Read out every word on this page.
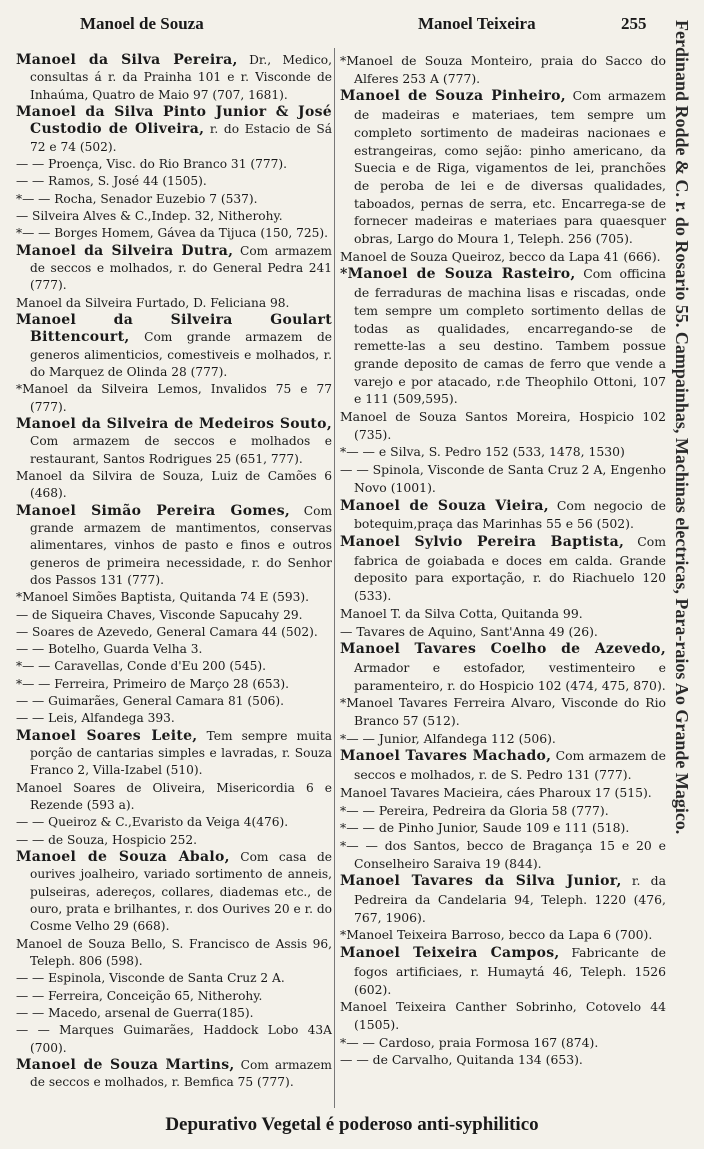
Manoel de Souza	Manoel Teixeira	255

Manoel da Silva Pereira, Dr., Medico, consultas á r. da Prainha 101 e r. Visconde de Inhaúma, Quatro de Maio 97 (707, 1681).

Manoel da Silva Pinto Junior & José Custodio de Oliveira, r. do Estacio de Sá 72 e 74 (502).

— — Proença, Visc. do Rio Branco 31 (777).

— — Ramos, S. José 44 (1505).

*— — Rocha, Senador Euzebio 7 (537).

— Silveira Alves & C.,Indep. 32, Nitherohy.

*— — Borges Homem, Gávea da Tijuca (150, 725).

Manoel da Silveira Dutra, Com armazem de seccos e molhados, r. do General Pedra 241 (777).

Manoel da Silveira Furtado, D. Feliciana 98.

Manoel da Silveira Goulart Bittencourt, Com grande armazem de generos alimenticios, comestiveis e molhados, r. do Marquez de Olinda 28 (777).

*Manoel da Silveira Lemos, Invalidos 75 e 77 (777).

Manoel da Silveira de Medeiros Souto, Com armazem de seccos e molhados e restaurant, Santos Rodrigues 25 (651, 777).

Manoel da Silvira de Souza, Luiz de Camões 6 (468).

Manoel Simão Pereira Gomes, Com grande armazem de mantimentos, conservas alimentares, vinhos de pasto e finos e outros generos de primeira necessidade, r. do Senhor dos Passos 131 (777).

*Manoel Simões Baptista, Quitanda 74 E (593).

— de Siqueira Chaves, Visconde Sapucahy 29.

— Soares de Azevedo, General Camara 44 (502).

— — Botelho, Guarda Velha 3.

*— — Caravellas, Conde d'Eu 200 (545).

*— — Ferreira, Primeiro de Março 28 (653).

— — Guimarães, General Camara 81 (506).

— — Leis, Alfandega 393.

Manoel Soares Leite, Tem sempre muita porção de cantarias simples e lavradas, r. Souza Franco 2, Villa-Izabel (510).

Manoel Soares de Oliveira, Misericordia 6 e Rezende (593 a).

— — Queiroz & C.,Evaristo da Veiga 4(476).

— — de Souza, Hospicio 252.

Manoel de Souza Abalo, Com casa de ourives joalheiro, variado sortimento de anneis, pulseiras, adereços, collares, diademas etc., de ouro, prata e brilhantes, r. dos Ourives 20 e r. do Cosme Velho 29 (668).

Manoel de Souza Bello, S. Francisco de Assis 96, Teleph. 806 (598).

— — Espinola, Visconde de Santa Cruz 2 A.

— — Ferreira, Conceição 65, Nitherohy.

— — Macedo, arsenal de Guerra(185).

— — Marques Guimarães, Haddock Lobo 43A (700).

Manoel de Souza Martins, Com armazem de seccos e molhados, r. Bemfica 75 (777).

*Manoel de Souza Monteiro, praia do Sacco do Alferes 253 A (777).

Manoel de Souza Pinheiro, Com armazem de madeiras e materiaes, tem sempre um completo sortimento de madeiras nacionaes e estrangeiras, como sejão: pinho americano, da Suecia e de Riga, vigamentos de lei, pranchões de peroba de lei e de diversas qualidades, taboados, pernas de serra, etc. Encarrega-se de fornecer madeiras e materiaes para quaesquer obras, Largo do Moura 1, Teleph. 256 (705).

Manoel de Souza Queiroz, becco da Lapa 41 (666).

*Manoel de Souza Rasteiro, Com officina de ferraduras de machina lisas e riscadas, onde tem sempre um completo sortimento dellas de todas as qualidades, encarregando-se de remette-las a seu destino. Tambem possue grande deposito de camas de ferro que vende a varejo e por atacado, r.de Theophilo Ottoni, 107 e 111 (509,595).

Manoel de Souza Santos Moreira, Hospicio 102 (735).

*— — e Silva, S. Pedro 152 (533, 1478, 1530)

— — Spinola, Visconde de Santa Cruz 2 A, Engenho Novo (1001).

Manoel de Souza Vieira, Com negocio de botequim,praça das Marinhas 55 e 56 (502).

Manoel Sylvio Pereira Baptista, Com fabrica de goiabada e doces em calda. Grande deposito para exportação, r. do Riachuelo 120 (533).

Manoel T. da Silva Cotta, Quitanda 99.

— Tavares de Aquino, Sant'Anna 49 (26).

Manoel Tavares Coelho de Azevedo, Armador e estofador, vestimenteiro e paramenteiro, r. do Hospicio 102 (474, 475, 870).

*Manoel Tavares Ferreira Alvaro, Visconde do Rio Branco 57 (512).

*— — Junior, Alfandega 112 (506).

Manoel Tavares Machado, Com armazem de seccos e molhados, r. de S. Pedro 131 (777).

Manoel Tavares Macieira, cáes Pharoux 17 (515).

*— — Pereira, Pedreira da Gloria 58 (777).

*— — de Pinho Junior, Saude 109 e 111 (518).

*— — dos Santos, becco de Bragança 15 e 20 e Conselheiro Saraiva 19 (844).

Manoel Tavares da Silva Junior, r. da Pedreira da Candelaria 94, Teleph. 1220 (476, 767, 1906).

*Manoel Teixeira Barroso, becco da Lapa 6 (700).

Manoel Teixeira Campos, Fabricante de fogos artificiaes, r. Humaytá 46, Teleph. 1526 (602).

Manoel Teixeira Canther Sobrinho, Cotovelo 44 (1505).

*— — Cardoso, praia Formosa 167 (874).

— — de Carvalho, Quitanda 134 (653).

Ferdinand Rodde & C. r. do Rosario 55. Campainhas, Machinas electricas, Para-raios Ao Grande Magico.
Depurativo Vegetal é poderoso anti-syphilitico
